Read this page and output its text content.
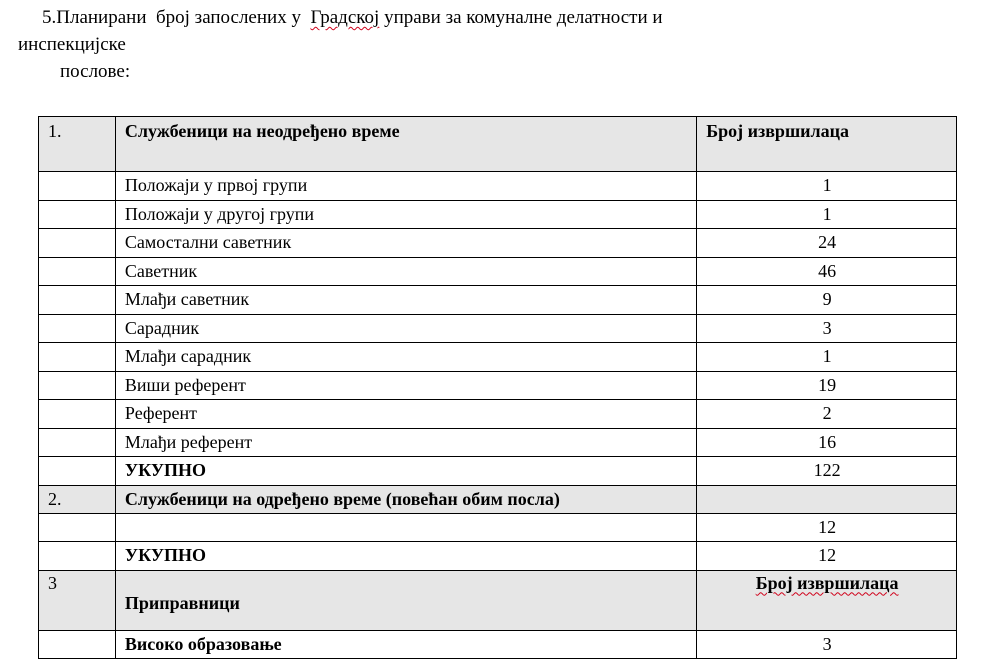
5.Планирани  број запослених у  Градској управи за комуналне делатности и
инспекцијске
послове:
1.	Службеници на неодређено време	Број извршилаца
	Положаји у првој групи	1
	Положаји у другој групи	1
	Самостални саветник	24
	Саветник	46
	Млађи саветник	9
	Сарадник	3
	Млађи сарадник	1
	Виши референт	19
	Референт	2
	Млађи референт	16
	УКУПНО	122
2.	Службеници на одређено време (повећан обим посла)	
		12
	УКУПНО	12
3	Приправници	Број извршилаца
	Високо образовање	3
